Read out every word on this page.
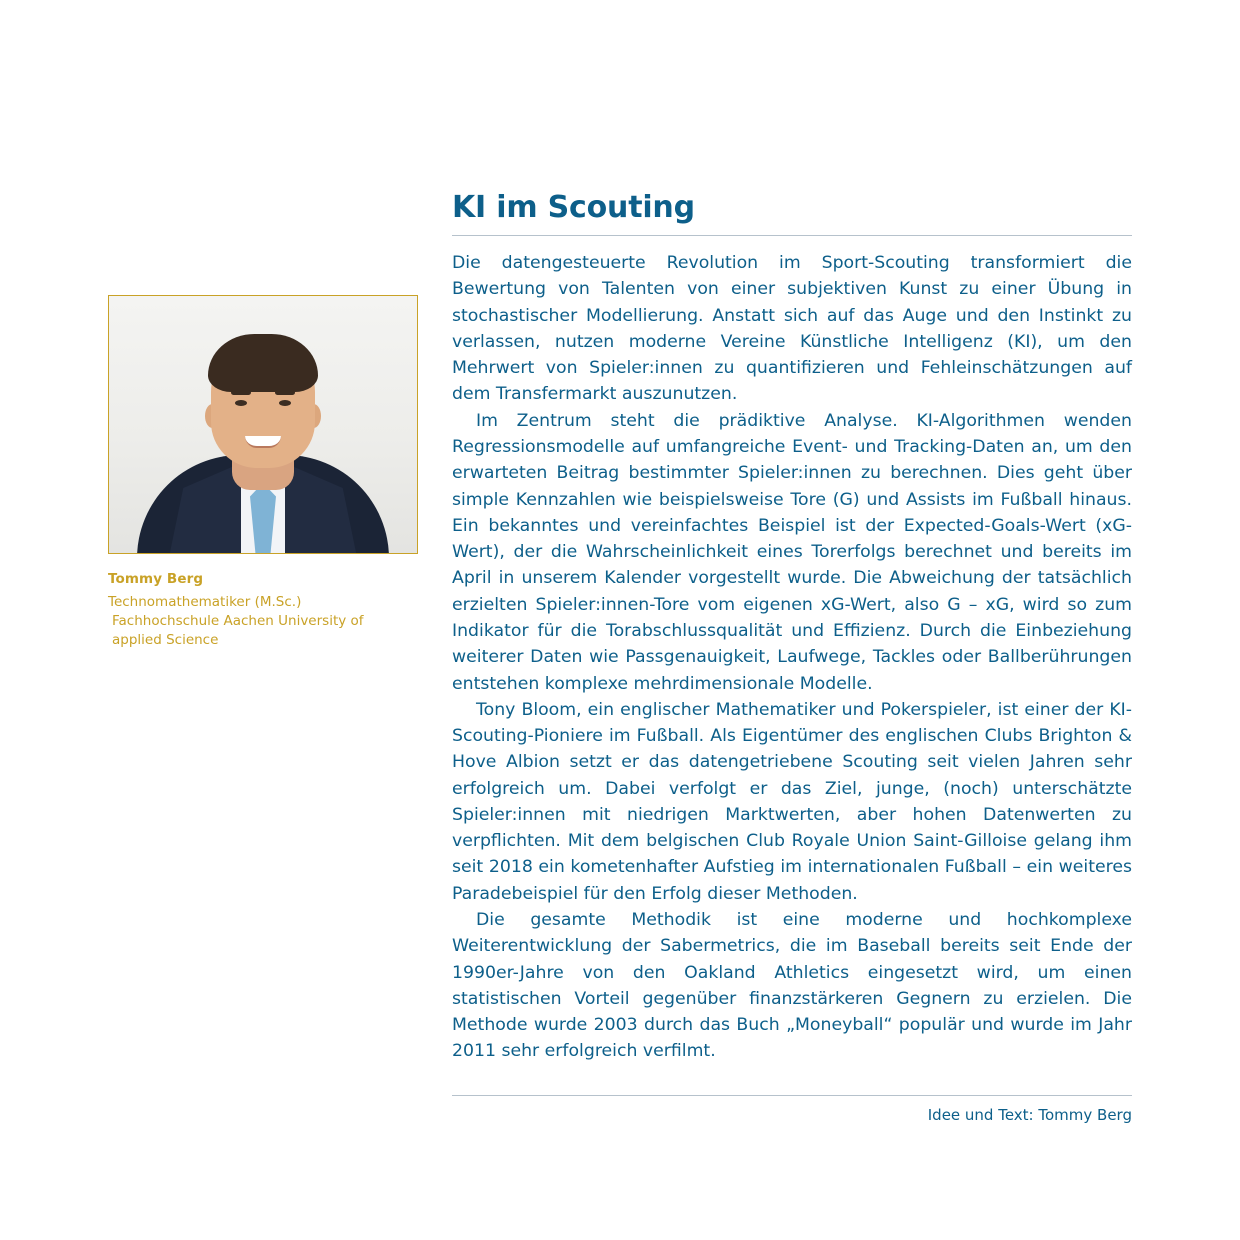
Tommy Berg
Technomathematiker (M.Sc.)
Fachhochschule Aachen University of
applied Science
KI im Scouting

Die datengesteuerte Revolution im Sport-Scouting transformiert die Bewertung von Talenten von einer subjektiven Kunst zu einer Übung in stochastischer Modellierung. Anstatt sich auf das Auge und den Instinkt zu verlassen, nutzen moderne Vereine Künstliche Intelligenz (KI), um den Mehrwert von Spieler:innen zu quantifizieren und Fehleinschätzungen auf dem Transfermarkt auszunutzen.

Im Zentrum steht die prädiktive Analyse. KI-Algorithmen wenden Regressionsmodelle auf umfangreiche Event- und Tracking-Daten an, um den erwarteten Beitrag bestimmter Spieler:innen zu berechnen. Dies geht über simple Kennzahlen wie beispielsweise Tore (G) und Assists im Fußball hinaus. Ein bekanntes und vereinfachtes Beispiel ist der Expected-Goals-Wert (xG-Wert), der die Wahrscheinlichkeit eines Torerfolgs berechnet und bereits im April in unserem Kalender vorgestellt wurde. Die Abweichung der tatsächlich erzielten Spieler:innen-Tore vom eigenen xG-Wert, also G – xG, wird so zum Indikator für die Torabschlussqualität und Effizienz. Durch die Einbeziehung weiterer Daten wie Passgenauigkeit, Laufwege, Tackles oder Ballberührungen entstehen komplexe mehrdimensionale Modelle.

Tony Bloom, ein englischer Mathematiker und Pokerspieler, ist einer der KI-Scouting-Pioniere im Fußball. Als Eigentümer des englischen Clubs Brighton & Hove Albion setzt er das datengetriebene Scouting seit vielen Jahren sehr erfolgreich um. Dabei verfolgt er das Ziel, junge, (noch) unterschätzte Spieler:innen mit niedrigen Marktwerten, aber hohen Datenwerten zu verpflichten. Mit dem belgischen Club Royale Union Saint-Gilloise gelang ihm seit 2018 ein kometenhafter Aufstieg im internationalen Fußball – ein weiteres Paradebeispiel für den Erfolg dieser Methoden.

Die gesamte Methodik ist eine moderne und hochkomplexe Weiterentwicklung der Sabermetrics, die im Baseball bereits seit Ende der 1990er-Jahre von den Oakland Athletics eingesetzt wird, um einen statistischen Vorteil gegenüber finanzstärkeren Gegnern zu erzielen. Die Methode wurde 2003 durch das Buch „Moneyball“ populär und wurde im Jahr 2011 sehr erfolgreich verfilmt.

Idee und Text: Tommy Berg
